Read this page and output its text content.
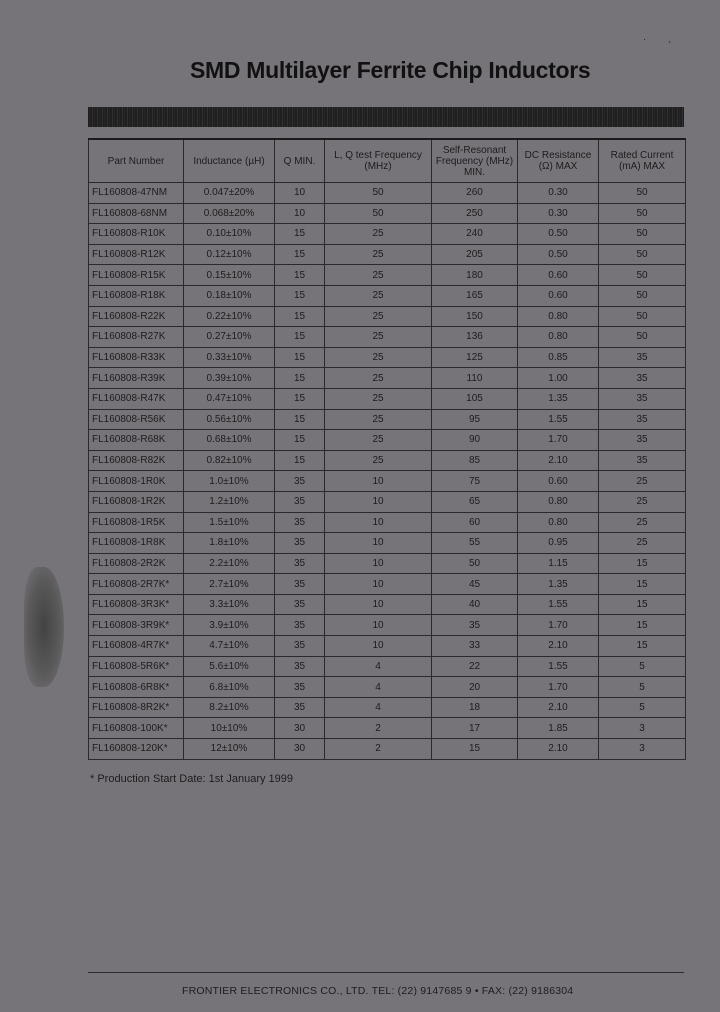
·         ,
SMD Multilayer Ferrite Chip Inductors
Part Number	Inductance (µH)	Q MIN.	L, Q test Frequency (MHz)	Self-Resonant Frequency (MHz) MIN.	DC Resistance (Ω) MAX	Rated Current (mA) MAX
FL160808-47NM	0.047±20%	10	50	260	0.30	50
FL160808-68NM	0.068±20%	10	50	250	0.30	50
FL160808-R10K	0.10±10%	15	25	240	0.50	50
FL160808-R12K	0.12±10%	15	25	205	0.50	50
FL160808-R15K	0.15±10%	15	25	180	0.60	50
FL160808-R18K	0.18±10%	15	25	165	0.60	50
FL160808-R22K	0.22±10%	15	25	150	0.80	50
FL160808-R27K	0.27±10%	15	25	136	0.80	50
FL160808-R33K	0.33±10%	15	25	125	0.85	35
FL160808-R39K	0.39±10%	15	25	110	1.00	35
FL160808-R47K	0.47±10%	15	25	105	1.35	35
FL160808-R56K	0.56±10%	15	25	95	1.55	35
FL160808-R68K	0.68±10%	15	25	90	1.70	35
FL160808-R82K	0.82±10%	15	25	85	2.10	35
FL160808-1R0K	1.0±10%	35	10	75	0.60	25
FL160808-1R2K	1.2±10%	35	10	65	0.80	25
FL160808-1R5K	1.5±10%	35	10	60	0.80	25
FL160808-1R8K	1.8±10%	35	10	55	0.95	25
FL160808-2R2K	2.2±10%	35	10	50	1.15	15
FL160808-2R7K*	2.7±10%	35	10	45	1.35	15
FL160808-3R3K*	3.3±10%	35	10	40	1.55	15
FL160808-3R9K*	3.9±10%	35	10	35	1.70	15
FL160808-4R7K*	4.7±10%	35	10	33	2.10	15
FL160808-5R6K*	5.6±10%	35	4	22	1.55	5
FL160808-6R8K*	6.8±10%	35	4	20	1.70	5
FL160808-8R2K*	8.2±10%	35	4	18	2.10	5
FL160808-100K*	10±10%	30	2	17	1.85	3
FL160808-120K*	12±10%	30	2	15	2.10	3
* Production Start Date: 1st January 1999
FRONTIER ELECTRONICS CO., LTD. TEL: (22) 9147685 9 • FAX: (22) 9186304
